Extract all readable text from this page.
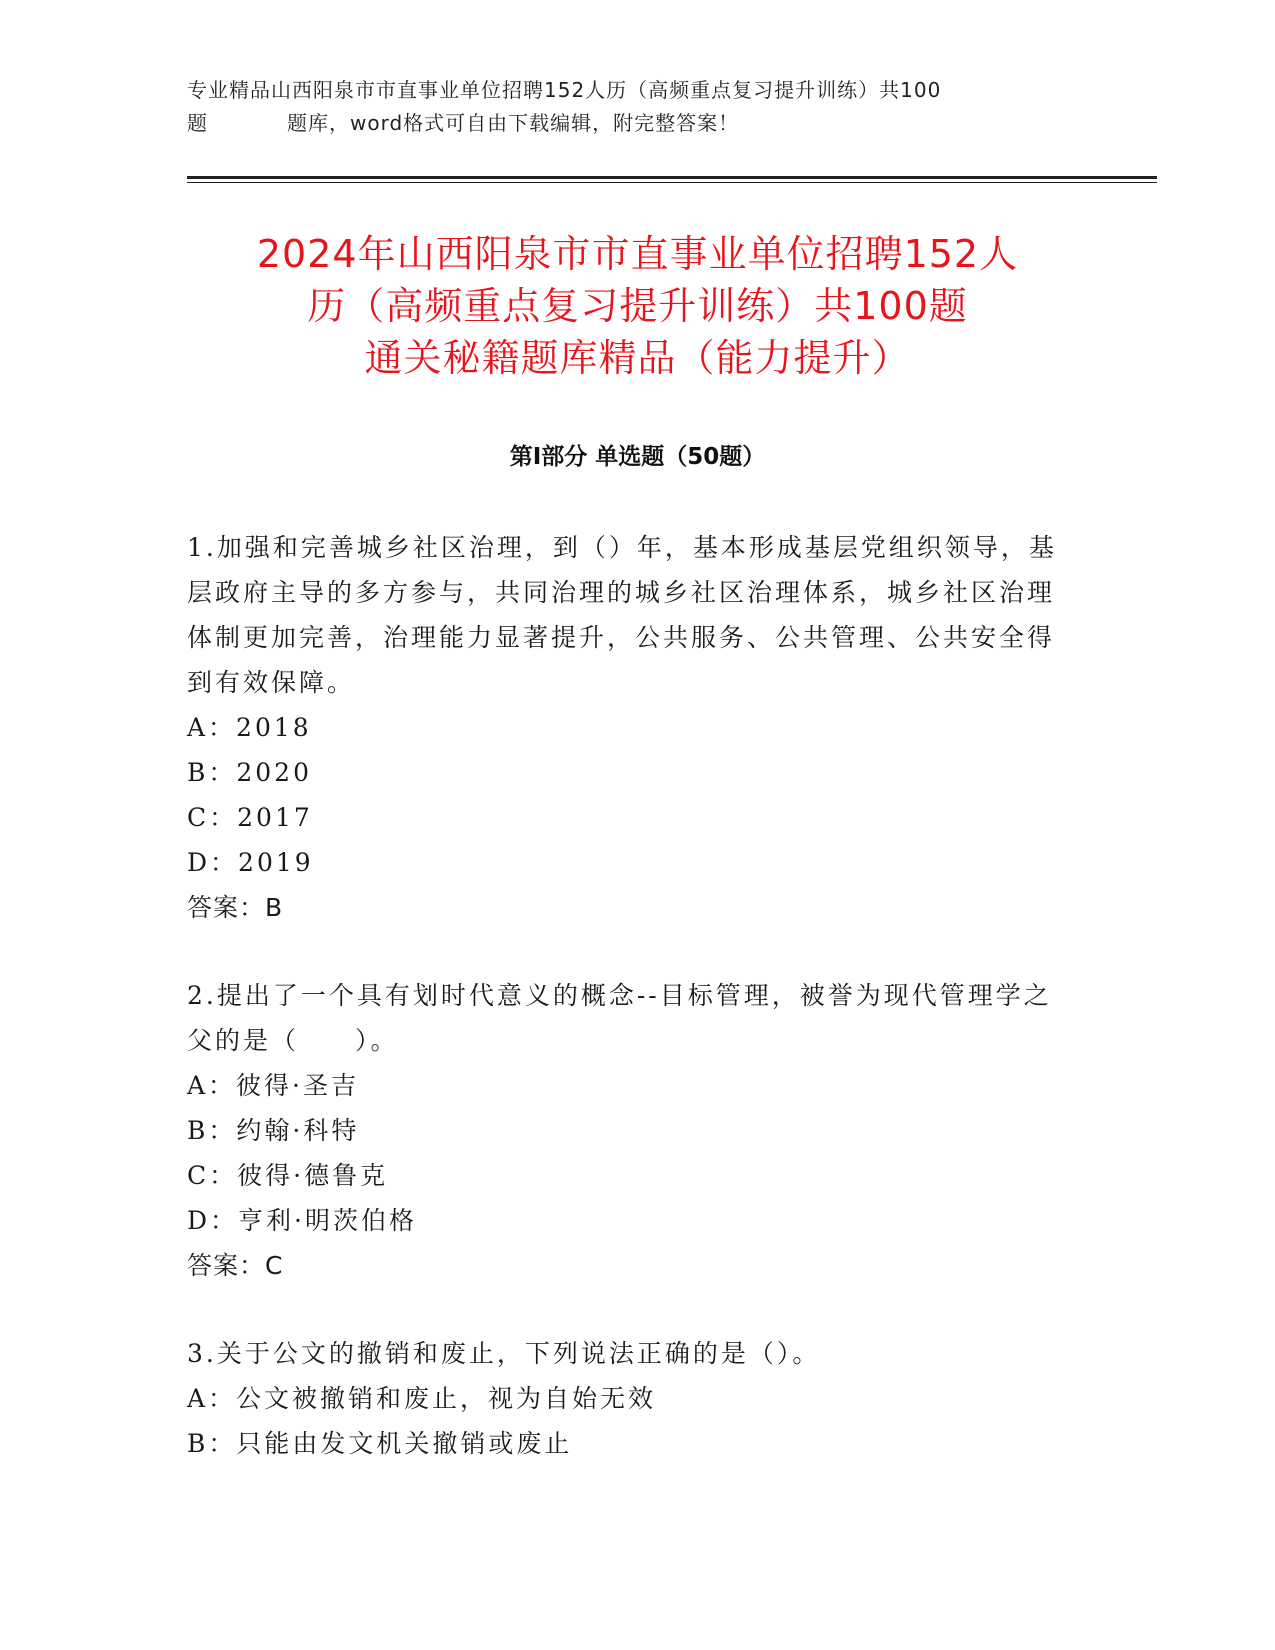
专业精品山西阳泉市市直事业单位招聘152人历（高频重点复习提升训练）共100
题	题库，word格式可自由下载编辑，附完整答案！
2024年山西阳泉市市直事业单位招聘152人
历（高频重点复习提升训练）共100题
通关秘籍题库精品（能力提升）
第I部分 单选题（50题）

1.加强和完善城乡社区治理，到（）年，基本形成基层党组织领导，基层政府主导的多方参与，共同治理的城乡社区治理体系，城乡社区治理体制更加完善，治理能力显著提升，公共服务、公共管理、公共安全得到有效保障。

A：2018

B：2020

C：2017

D：2019

答案：B

2.提出了一个具有划时代意义的概念--目标管理，被誉为现代管理学之父的是（　　）。

A：彼得·圣吉

B：约翰·科特

C：彼得·德鲁克

D：亨利·明茨伯格

答案：C

3.关于公文的撤销和废止，下列说法正确的是（）。

A：公文被撤销和废止，视为自始无效

B：只能由发文机关撤销或废止
